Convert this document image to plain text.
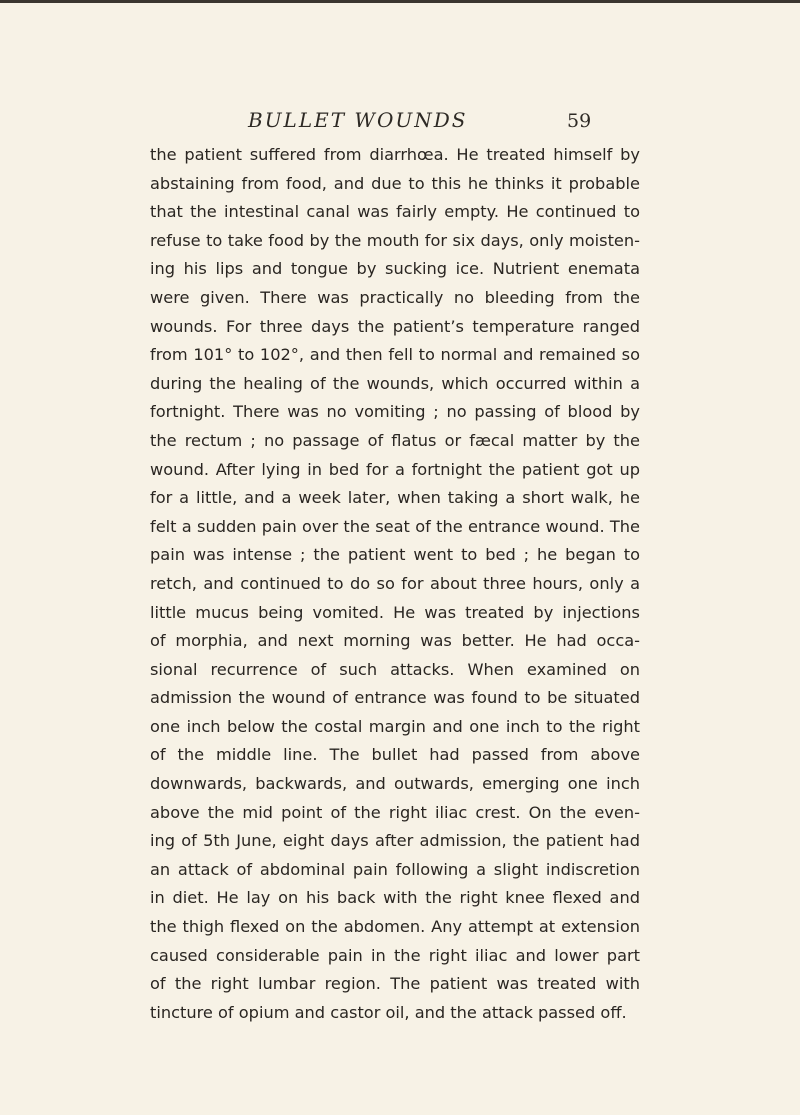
BULLET WOUNDS	59
the patient suffered from diarrhœa. He treated himself by
abstaining from food, and due to this he thinks it probable
that the intestinal canal was fairly empty. He continued to
refuse to take food by the mouth for six days, only moisten-
ing his lips and tongue by sucking ice. Nutrient enemata
were given. There was practically no bleeding from the
wounds. For three days the patient’s temperature ranged
from 101° to 102°, and then fell to normal and remained so
during the healing of the wounds, which occurred within a
fortnight. There was no vomiting ; no passing of blood by
the rectum ; no passage of flatus or fæcal matter by the
wound. After lying in bed for a fortnight the patient got up
for a little, and a week later, when taking a short walk, he
felt a sudden pain over the seat of the entrance wound. The
pain was intense ; the patient went to bed ; he began to
retch, and continued to do so for about three hours, only a
little mucus being vomited. He was treated by injections
of morphia, and next morning was better. He had occa-
sional recurrence of such attacks. When examined on
admission the wound of entrance was found to be situated
one inch below the costal margin and one inch to the right
of the middle line. The bullet had passed from above
downwards, backwards, and outwards, emerging one inch
above the mid point of the right iliac crest. On the even-
ing of 5th June, eight days after admission, the patient had
an attack of abdominal pain following a slight indiscretion
in diet. He lay on his back with the right knee flexed and
the thigh flexed on the abdomen. Any attempt at extension
caused considerable pain in the right iliac and lower part
of the right lumbar region. The patient was treated with
tincture of opium and castor oil, and the attack passed off.
